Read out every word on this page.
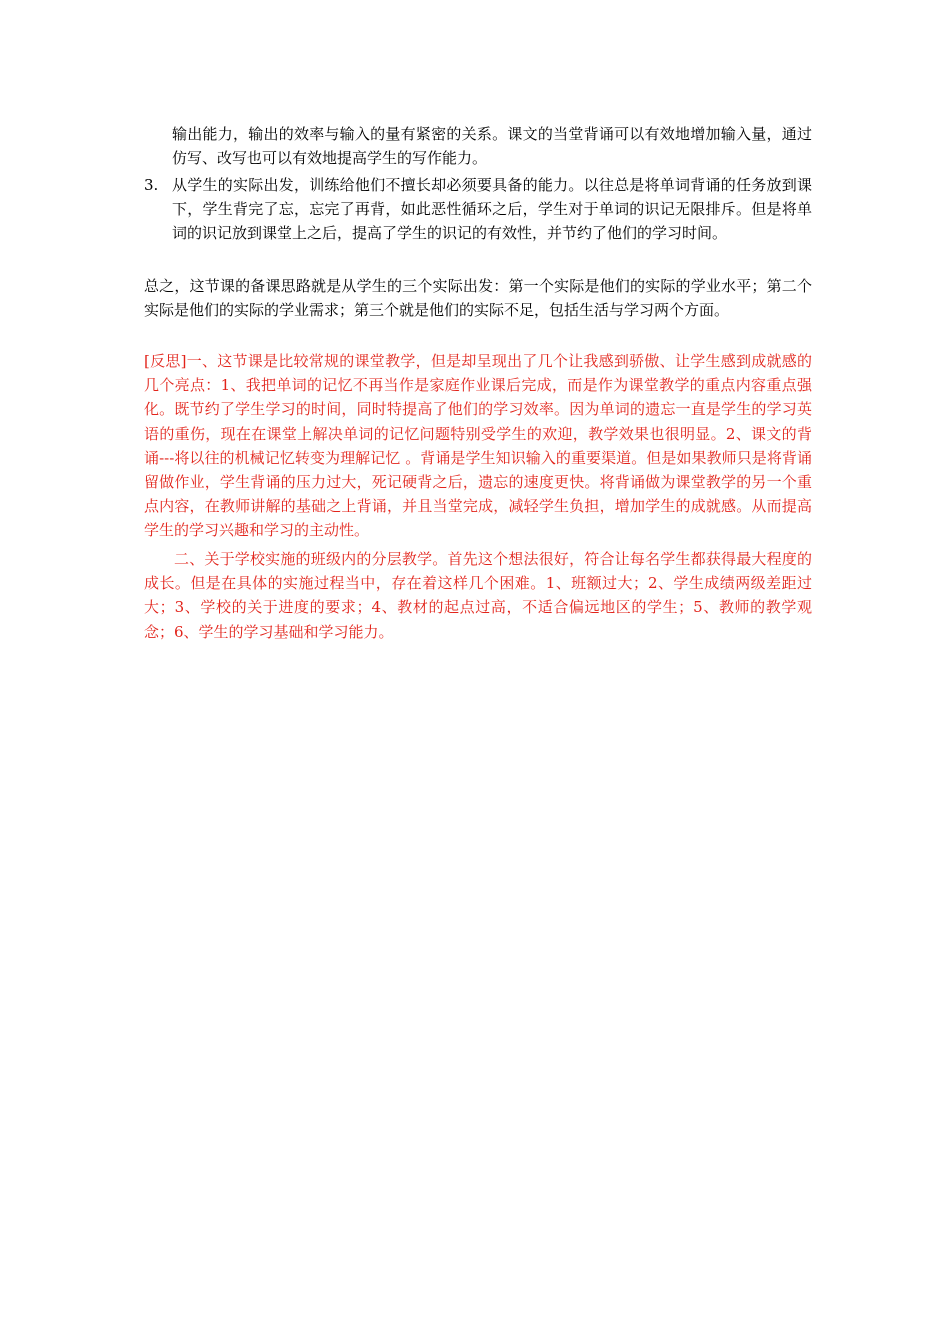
输出能力，输出的效率与输入的量有紧密的关系。课文的当堂背诵可以有效地增加输入量，通过仿写、改写也可以有效地提高学生的写作能力。

3. 从学生的实际出发，训练给他们不擅长却必须要具备的能力。以往总是将单词背诵的任务放到课下，学生背完了忘，忘完了再背，如此恶性循环之后，学生对于单词的识记无限排斥。但是将单词的识记放到课堂上之后，提高了学生的识记的有效性，并节约了他们的学习时间。

总之，这节课的备课思路就是从学生的三个实际出发：第一个实际是他们的实际的学业水平；第二个实际是他们的实际的学业需求；第三个就是他们的实际不足，包括生活与学习两个方面。

[反思]一、这节课是比较常规的课堂教学，但是却呈现出了几个让我感到骄傲、让学生感到成就感的几个亮点：1、我把单词的记忆不再当作是家庭作业课后完成，而是作为课堂教学的重点内容重点强化。既节约了学生学习的时间，同时特提高了他们的学习效率。因为单词的遗忘一直是学生的学习英语的重伤，现在在课堂上解决单词的记忆问题特别受学生的欢迎，教学效果也很明显。2、课文的背诵---将以往的机械记忆转变为理解记忆 。背诵是学生知识输入的重要渠道。但是如果教师只是将背诵留做作业，学生背诵的压力过大，死记硬背之后，遗忘的速度更快。将背诵做为课堂教学的另一个重点内容，在教师讲解的基础之上背诵，并且当堂完成，减轻学生负担，增加学生的成就感。从而提高学生的学习兴趣和学习的主动性。

二、关于学校实施的班级内的分层教学。首先这个想法很好，符合让每名学生都获得最大程度的成长。但是在具体的实施过程当中，存在着这样几个困难。1、班额过大；2、学生成绩两级差距过大；3、学校的关于进度的要求；4、教材的起点过高，不适合偏远地区的学生；5、教师的教学观念；6、学生的学习基础和学习能力。
